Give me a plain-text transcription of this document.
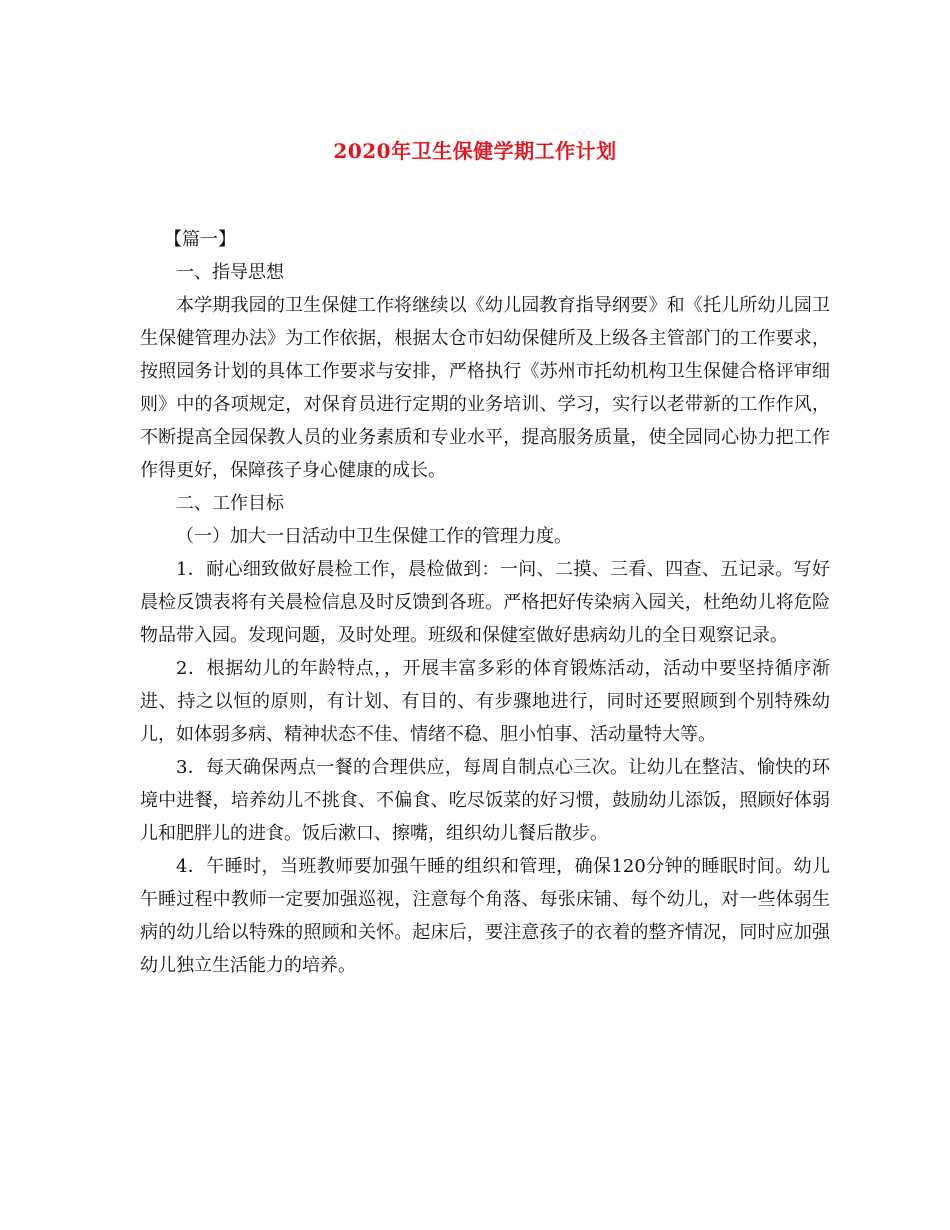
2020年卫生保健学期工作计划

【篇一】

一、指导思想

本学期我园的卫生保健工作将继续以《幼儿园教育指导纲要》和《托儿所幼儿园卫生保健管理办法》为工作依据，根据太仓市妇幼保健所及上级各主管部门的工作要求，按照园务计划的具体工作要求与安排，严格执行《苏州市托幼机构卫生保健合格评审细则》中的各项规定，对保育员进行定期的业务培训、学习，实行以老带新的工作作风，不断提高全园保教人员的业务素质和专业水平，提高服务质量，使全园同心协力把工作作得更好，保障孩子身心健康的成长。

二、工作目标

（一）加大一日活动中卫生保健工作的管理力度。

1．耐心细致做好晨检工作，晨检做到：一问、二摸、三看、四查、五记录。写好晨检反馈表将有关晨检信息及时反馈到各班。严格把好传染病入园关，杜绝幼儿将危险物品带入园。发现问题，及时处理。班级和保健室做好患病幼儿的全日观察记录。

2．根据幼儿的年龄特点，，开展丰富多彩的体育锻炼活动，活动中要坚持循序渐进、持之以恒的原则，有计划、有目的、有步骤地进行，同时还要照顾到个别特殊幼儿，如体弱多病、精神状态不佳、情绪不稳、胆小怕事、活动量特大等。

3．每天确保两点一餐的合理供应，每周自制点心三次。让幼儿在整洁、愉快的环境中进餐，培养幼儿不挑食、不偏食、吃尽饭菜的好习惯，鼓励幼儿添饭，照顾好体弱儿和肥胖儿的进食。饭后漱口、擦嘴，组织幼儿餐后散步。

4．午睡时，当班教师要加强午睡的组织和管理，确保120分钟的睡眠时间。幼儿午睡过程中教师一定要加强巡视，注意每个角落、每张床铺、每个幼儿，对一些体弱生病的幼儿给以特殊的照顾和关怀。起床后，要注意孩子的衣着的整齐情况，同时应加强幼儿独立生活能力的培养。
